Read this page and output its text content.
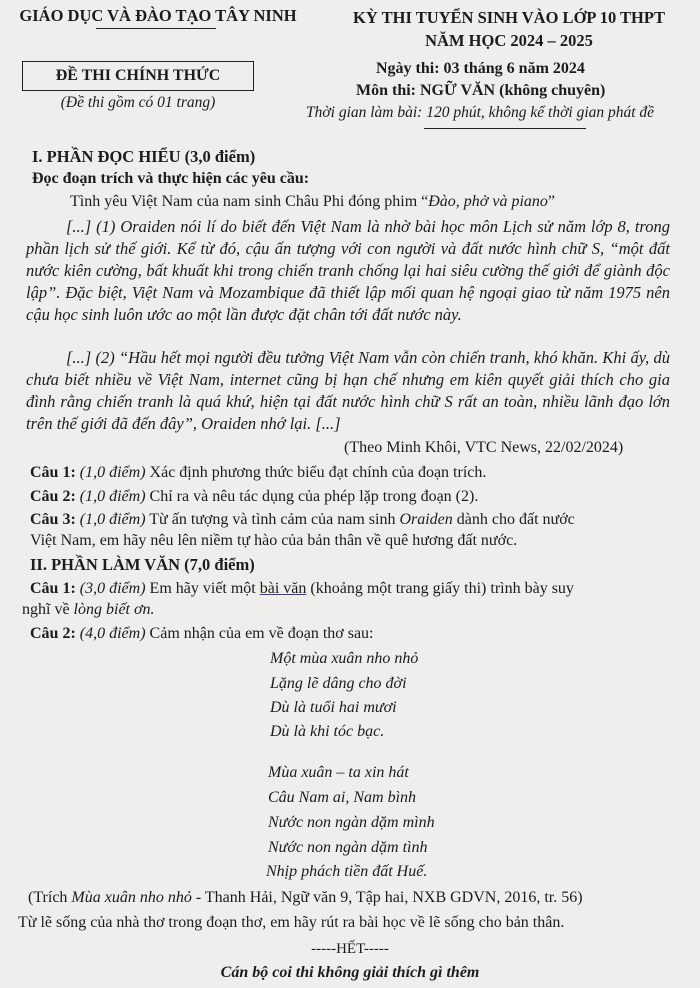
GIÁO DỤC VÀ ĐÀO TẠO TÂY NINH	KỲ THI TUYỂN SINH VÀO LỚP 10 THPT
NĂM HỌC 2024 – 2025
ĐỀ THI CHÍNH THỨC
(Đề thi gồm có 01 trang)
Ngày thi: 03 tháng 6 năm 2024
Môn thi: NGỮ VĂN (không chuyên)
Thời gian làm bài: 120 phút, không kể thời gian phát đề
I. PHẦN ĐỌC HIỂU (3,0 điểm)
Đọc đoạn trích và thực hiện các yêu cầu:
Tình yêu Việt Nam của nam sinh Châu Phi đóng phim “Đào, phở và piano”
[...] (1) Oraiden nói lí do biết đến Việt Nam là nhờ bài học môn Lịch sử năm lớp 8, trong phần lịch sử thế giới. Kể từ đó, cậu ấn tượng với con người và đất nước hình chữ S, “một đất nước kiên cường, bất khuất khi trong chiến tranh chống lại hai siêu cường thế giới để giành độc lập”. Đặc biệt, Việt Nam và Mozambique đã thiết lập mối quan hệ ngoại giao từ năm 1975 nên cậu học sinh luôn ước ao một lần được đặt chân tới đất nước này.
[...] (2) “Hầu hết mọi người đều tưởng Việt Nam vẫn còn chiến tranh, khó khăn. Khi ấy, dù chưa biết nhiều về Việt Nam, internet cũng bị hạn chế nhưng em kiên quyết giải thích cho gia đình rằng chiến tranh là quá khứ, hiện tại đất nước hình chữ S rất an toàn, nhiều lãnh đạo lớn trên thế giới đã đến đây”, Oraiden nhớ lại. [...]
(Theo Minh Khôi, VTC News, 22/02/2024)
Câu 1: (1,0 điểm) Xác định phương thức biểu đạt chính của đoạn trích.
Câu 2: (1,0 điểm) Chỉ ra và nêu tác dụng của phép lặp trong đoạn (2).
Câu 3: (1,0 điểm) Từ ấn tượng và tình cảm của nam sinh Oraiden dành cho đất nước
Việt Nam, em hãy nêu lên niềm tự hào của bản thân về quê hương đất nước.
II. PHẦN LÀM VĂN (7,0 điểm)
Câu 1: (3,0 điểm) Em hãy viết một bài văn (khoảng một trang giấy thi) trình bày suy
nghĩ về lòng biết ơn.
Câu 2: (4,0 điểm) Cảm nhận của em về đoạn thơ sau:
Một mùa xuân nho nhỏ
Lặng lẽ dâng cho đời
Dù là tuổi hai mươi
Dù là khi tóc bạc.
Mùa xuân – ta xin hát
Câu Nam ai, Nam bình
Nước non ngàn dặm mình
Nước non ngàn dặm tình
Nhịp phách tiền đất Huế.
(Trích Mùa xuân nho nhỏ - Thanh Hải, Ngữ văn 9, Tập hai, NXB GDVN, 2016, tr. 56)
Từ lẽ sống của nhà thơ trong đoạn thơ, em hãy rút ra bài học về lẽ sống cho bản thân.
-----HẾT-----
Cán bộ coi thi không giải thích gì thêm
